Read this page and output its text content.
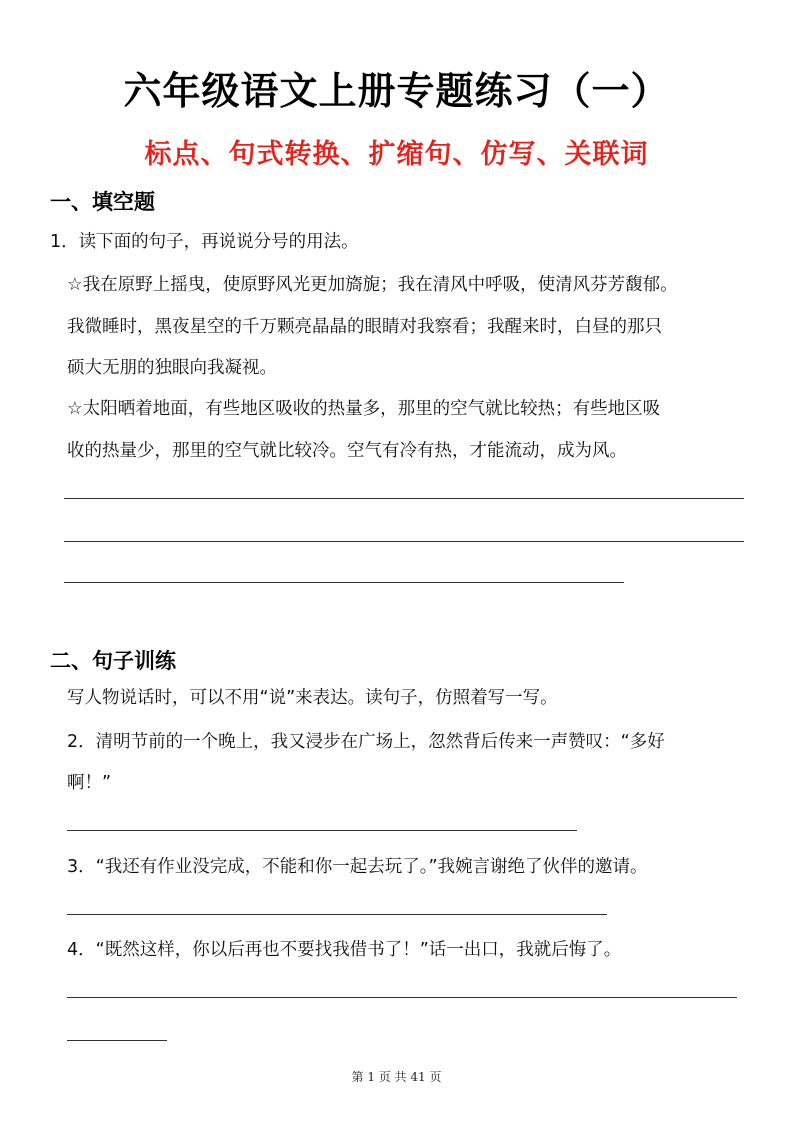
六年级语文上册专题练习（一）
标点、句式转换、扩缩句、仿写、关联词
一、填空题
1．读下面的句子，再说说分号的用法。
☆我在原野上摇曳，使原野风光更加旖旎；我在清风中呼吸，使清风芬芳馥郁。
我微睡时，黑夜星空的千万颗亮晶晶的眼睛对我察看；我醒来时，白昼的那只
硕大无朋的独眼向我凝视。
☆太阳晒着地面，有些地区吸收的热量多，那里的空气就比较热；有些地区吸
收的热量少，那里的空气就比较冷。空气有冷有热，才能流动，成为风。
二、句子训练
写人物说话时，可以不用“说”来表达。读句子，仿照着写一写。
2．清明节前的一个晚上，我又浸步在广场上，忽然背后传来一声赞叹：“多好
啊！”
3．“我还有作业没完成，不能和你一起去玩了。”我婉言谢绝了伙伴的邀请。
4．“既然这样，你以后再也不要找我借书了！”话一出口，我就后悔了。
第 1 页 共 41 页
